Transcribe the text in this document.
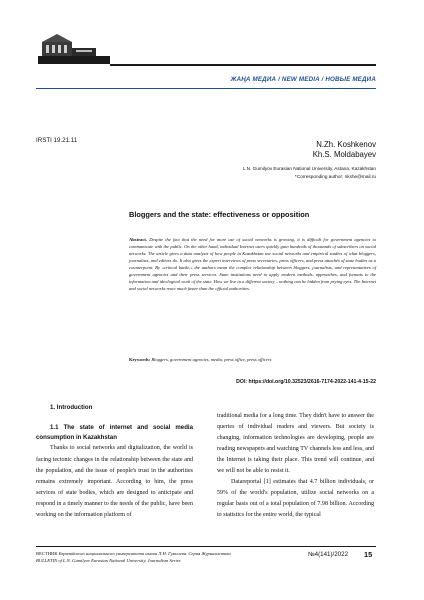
ЖАҢА МЕДИА / NEW MEDIA / НОВЫЕ МЕДИА
IRSTI 19.21.11	N.Zh. Koshkenov
Kh.S. Moldabayev
L.N. Gumilyov Eurasian National University, Astana, Kazakhstan
*Corresponding author: nkshe@mail.ru
Bloggers and the state: effectiveness or opposition
Abstract. Despite the fact that the need for more use of social networks is growing, it is difficult for government agencies to communicate with the public. On the other hand, individual Internet users quickly gain hundreds of thousands of subscribers on social networks. The article gives a data analysis of how people in Kazakhstan use social networks and empirical studies of what bloggers, journalists, and editors do. It also gives the expert interviews of press secretaries, press officers, and press attachés of state bodies as a counterpoint. By «critical battle,» the authors mean the complex relationship between bloggers, journalists, and representatives of government agencies and their press services. State institutions need to apply modern methods, approaches, and formats to the information and ideological work of the state. How we live in a different society – nothing can be hidden from prying eyes. The Internet and social networks react much faster than the official authorities.
Keywords: Bloggers, government agencies, media, press office, press officers
DOI: https://doi.org/10.32523/2616-7174-2022-141-4-15-22
1. Introduction
1.1 The state of internet and social media consumption in Kazakhstan

Thanks to social networks and digitalization, the world is facing tectonic changes in the relationship between the state and the population, and the issue of people's trust in the authorities remains extremely important. According to him, the press services of state bodies, which are designed to anticipate and respond in a timely manner to the needs of the public, have been working on the information platform of

traditional media for a long time. They didn't have to answer the queries of individual readers and viewers. But society is changing, information technologies are developing, people are reading newspapers and watching TV channels less and less, and the Internet is taking their place. This trend will continue, and we will not be able to resist it.

Datareportal [1] estimates that 4.7 billion individuals, or 59% of the world's population, utilize social networks on a regular basis out of a total population of 7.98 billion. According to statistics for the entire world, the typical

ВЕСТНИК Евразийского национального университета имени Л.Н. Гумилева. Серия Журналистика
BULLETIN of L.N. Gumilyov Eurasian National University. Journalism Series
№4(141)/2022 15
